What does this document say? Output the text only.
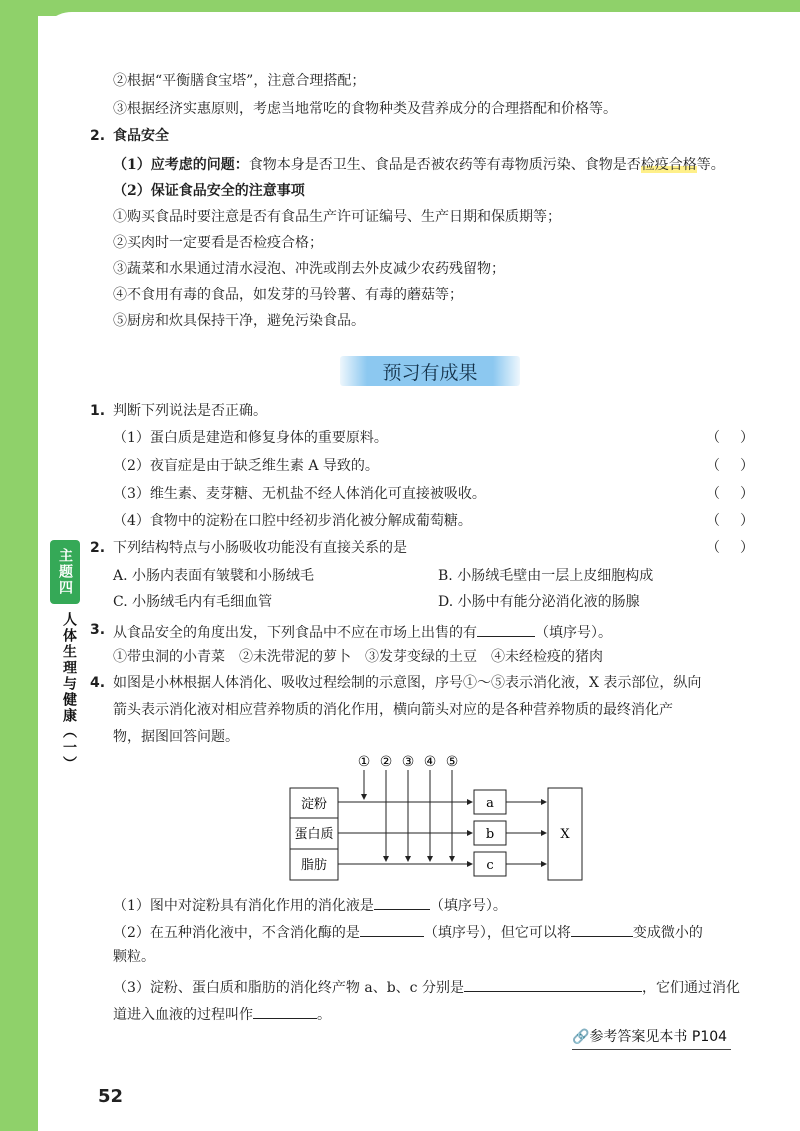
②根据“平衡膳食宝塔”，注意合理搭配；
③根据经济实惠原则，考虑当地常吃的食物种类及营养成分的合理搭配和价格等。
2. 食品安全
（1）应考虑的问题：食物本身是否卫生、食品是否被农药等有毒物质污染、食物是否检疫合格等。
（2）保证食品安全的注意事项
①购买食品时要注意是否有食品生产许可证编号、生产日期和保质期等；
②买肉时一定要看是否检疫合格；
③蔬菜和水果通过清水浸泡、冲洗或削去外皮减少农药残留物；
④不食用有毒的食品，如发芽的马铃薯、有毒的蘑菇等；
⑤厨房和炊具保持干净，避免污染食品。
预习有成果
主题四
人体生理与健康（一）
1. 判断下列说法是否正确。
（1）蛋白质是建造和修复身体的重要原料。	（ ）
（2）夜盲症是由于缺乏维生素 A 导致的。	（ ）
（3）维生素、麦芽糖、无机盐不经人体消化可直接被吸收。	（ ）
（4）食物中的淀粉在口腔中经初步消化被分解成葡萄糖。	（ ）
2. 下列结构特点与小肠吸收功能没有直接关系的是	（ ）
A. 小肠内表面有皱襞和小肠绒毛	B. 小肠绒毛壁由一层上皮细胞构成
C. 小肠绒毛内有毛细血管	D. 小肠中有能分泌消化液的肠腺
3. 从食品安全的角度出发，下列食品中不应在市场上出售的有	（填序号）。
①带虫洞的小青菜　②未洗带泥的萝卜　③发芽变绿的土豆　④未经检疫的猪肉
4. 如图是小林根据人体消化、吸收过程绘制的示意图，序号①～⑤表示消化液，X 表示部位，纵向
箭头表示消化液对相应营养物质的消化作用，横向箭头对应的是各种营养物质的最终消化产
物，据图回答问题。
① ② ③ ④ ⑤
淀粉
蛋白质
脂肪
a
b
c
X
（1）图中对淀粉具有消化作用的消化液是	（填序号）。
（2）在五种消化液中，不含消化酶的是	（填序号），但它可以将	变成微小的
颗粒。
（3）淀粉、蛋白质和脂肪的消化终产物 a、b、c 分别是	，它们通过消化
道进入血液的过程叫作	。
🔗参考答案见本书 P104
52
